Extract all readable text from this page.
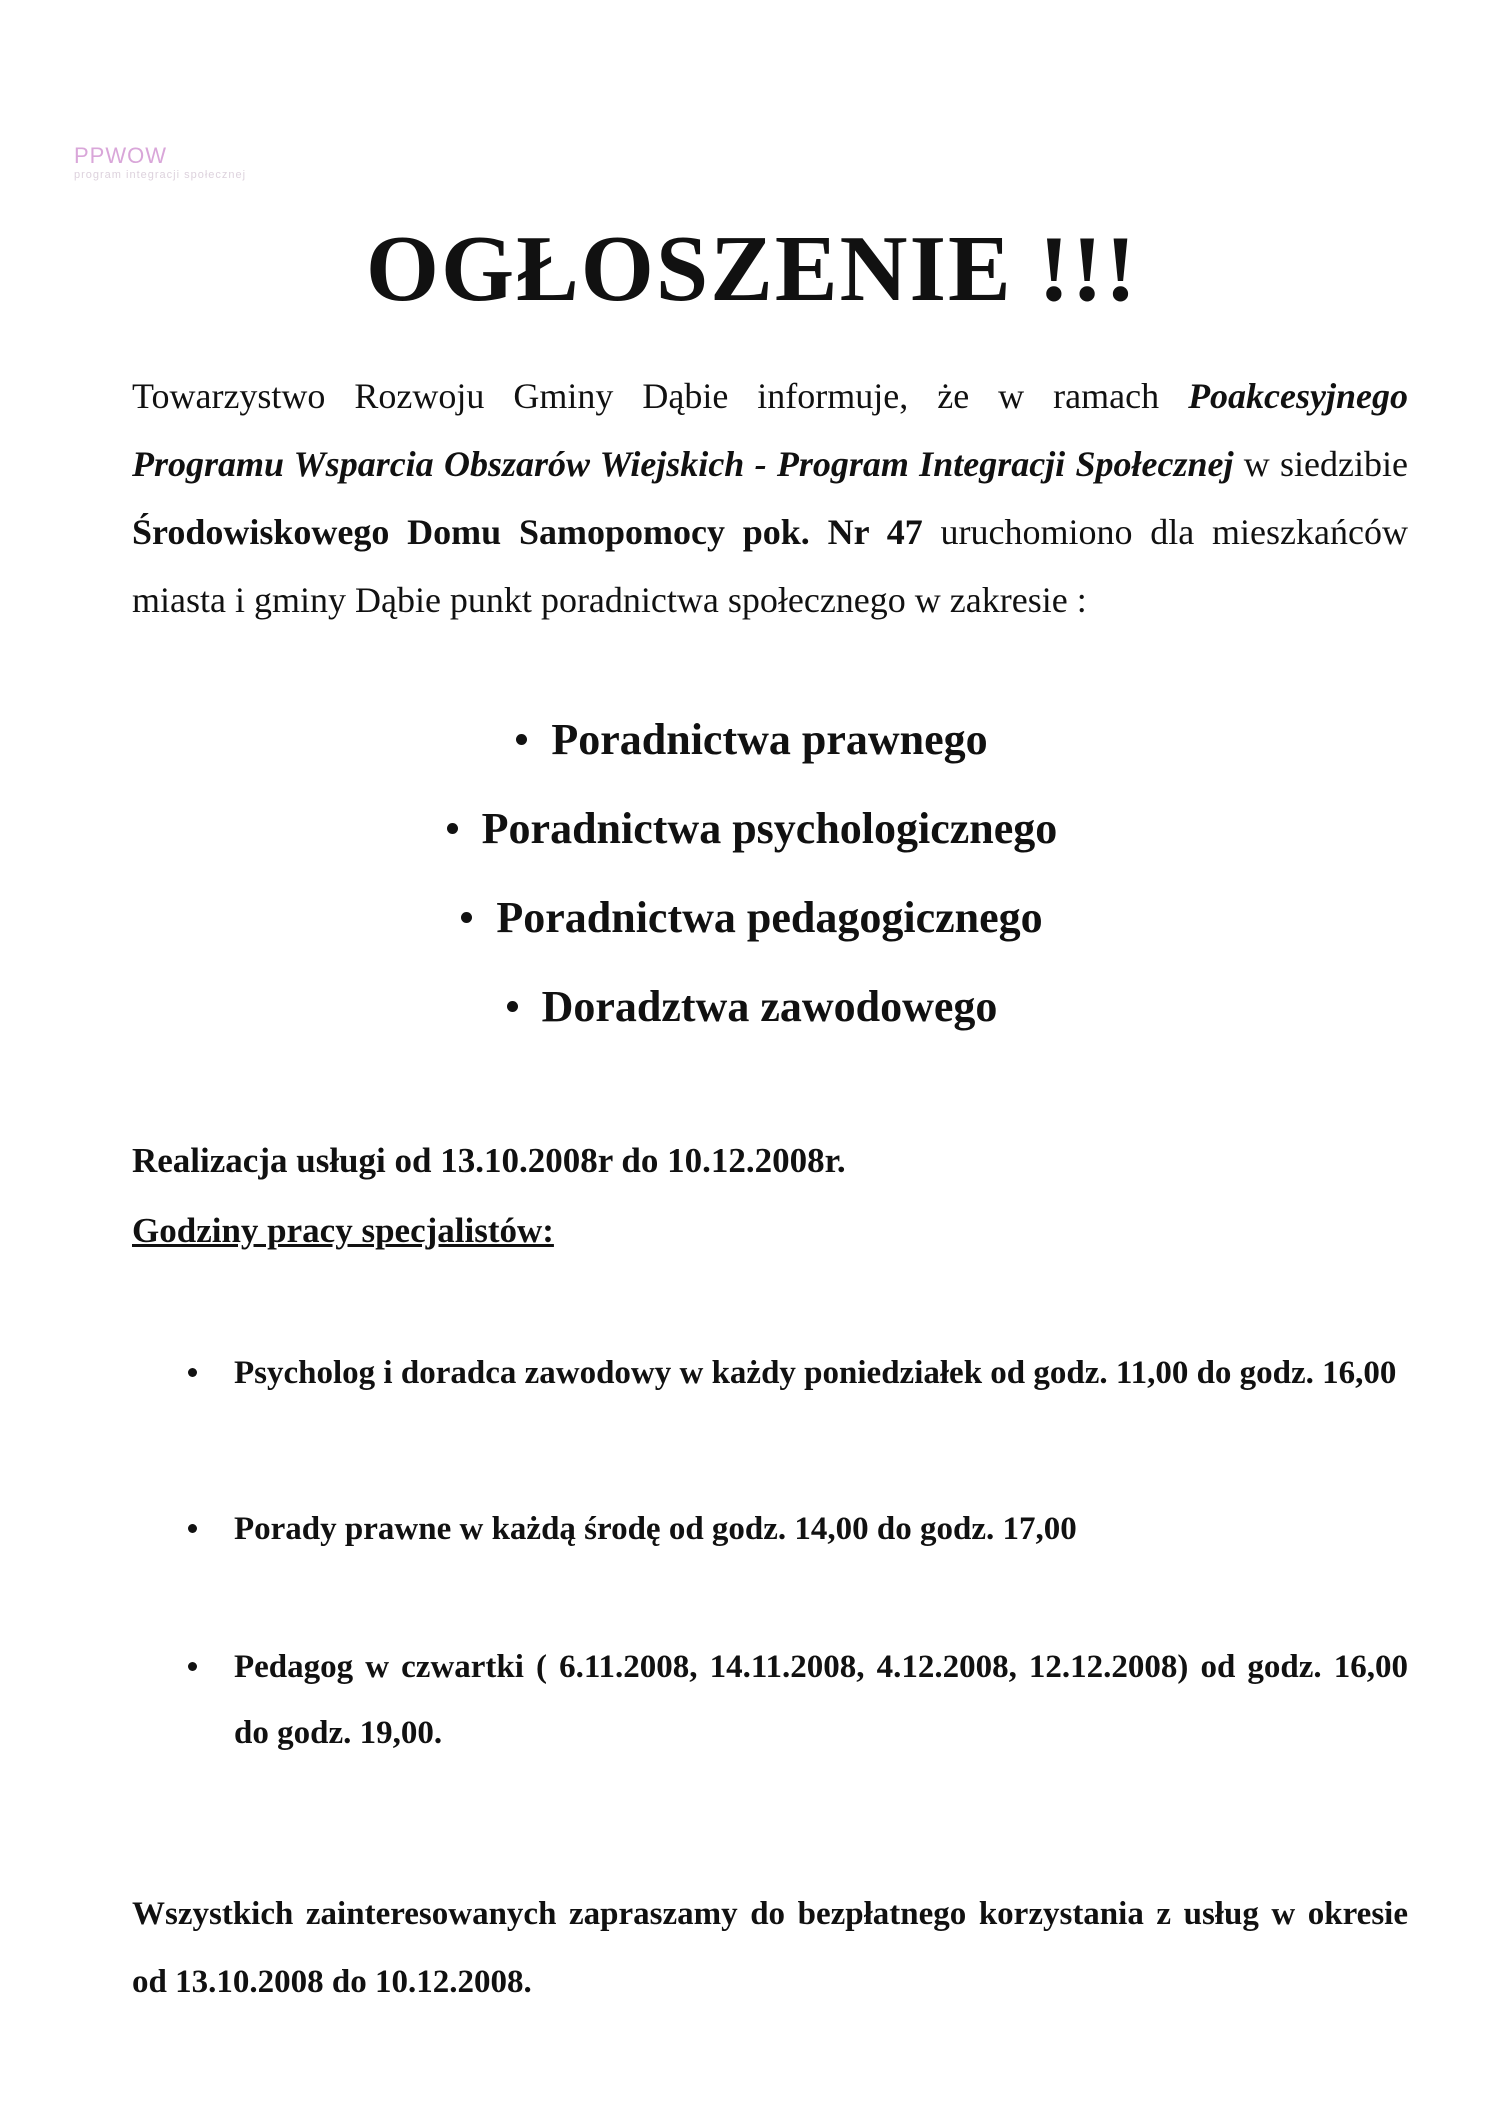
PPWOW
program integracji społecznej
OGŁOSZENIE !!!

Towarzystwo Rozwoju Gminy Dąbie informuje, że w ramach Poakcesyjnego Programu Wsparcia Obszarów Wiejskich - Program Integracji Społecznej w siedzibie Środowiskowego Domu Samopomocy pok. Nr 47 uruchomiono dla mieszkańców miasta i gminy Dąbie punkt poradnictwa społecznego w zakresie :

Poradnictwa prawnego
Poradnictwa psychologicznego
Poradnictwa pedagogicznego
Doradztwa zawodowego
Realizacja usługi od 13.10.2008r do 10.12.2008r.
Godziny pracy specjalistów:
Psycholog i doradca zawodowy w każdy poniedziałek od godz. 11,00 do godz. 16,00
Porady prawne w każdą środę od godz. 14,00 do godz. 17,00
Pedagog w czwartki ( 6.11.2008, 14.11.2008, 4.12.2008, 12.12.2008) od godz. 16,00 do godz. 19,00.

Wszystkich zainteresowanych zapraszamy do bezpłatnego korzystania z usług w okresie od 13.10.2008 do 10.12.2008.
